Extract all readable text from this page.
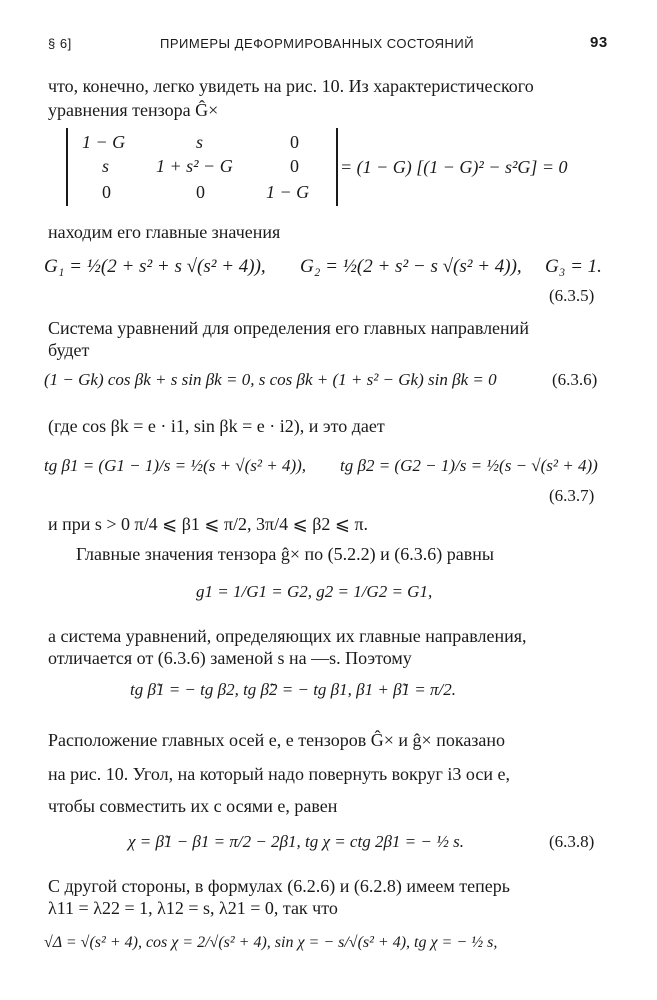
§ 6]	ПРИМЕРЫ ДЕФОРМИРОВАННЫХ СОСТОЯНИЙ	93
что, конечно, легко увидеть на рис. 10. Из характеристического
уравнения тензора Ĝ×
1 − G	s	0
s	1 + s² − G	0
0	0	1 − G
= (1 − G) [(1 − G)² − s²G] = 0
находим его главные значения
G₁ = ½(2 + s² + s √(s² + 4)), G₂ = ½(2 + s² − s √(s² + 4)), G₃ = 1.
(6.3.5)
Система уравнений для определения его главных направлений
будет
(1 − Gk) cos βk + s sin βk = 0, s cos βk + (1 + s² − Gk) sin βk = 0	(6.3.6)
(где cos βk = e · i1, sin βk = e · i2), и это дает
tg β1 = (G1 − 1)/s = ½(s + √(s² + 4)), tg β2 = (G2 − 1)/s = ½(s − √(s² + 4))
(6.3.7)
и при s > 0 π/4 ⩽ β1 ⩽ π/2, 3π/4 ⩽ β2 ⩽ π.
Главные значения тензора ĝ× по (5.2.2) и (6.3.6) равны
g1 = 1/G1 = G2, g2 = 1/G2 = G1,
а система уравнений, определяющих их главные направления,
отличается от (6.3.6) заменой s на —s. Поэтому
tg β̃1 = − tg β2, tg β̃2 = − tg β1, β1 + β̃1 = π/2.
Расположение главных осей e, e тензоров Ĝ× и ĝ× показано
на рис. 10. Угол, на который надо повернуть вокруг i3 оси e,
чтобы совместить их с осями e, равен
χ = β̃1 − β1 = π/2 − 2β1, tg χ = ctg 2β1 = − ½ s.	(6.3.8)
С другой стороны, в формулах (6.2.6) и (6.2.8) имеем теперь
λ11 = λ22 = 1, λ12 = s, λ21 = 0, так что
√Δ = √(s² + 4), cos χ = 2/√(s² + 4), sin χ = − s/√(s² + 4), tg χ = − ½ s,
